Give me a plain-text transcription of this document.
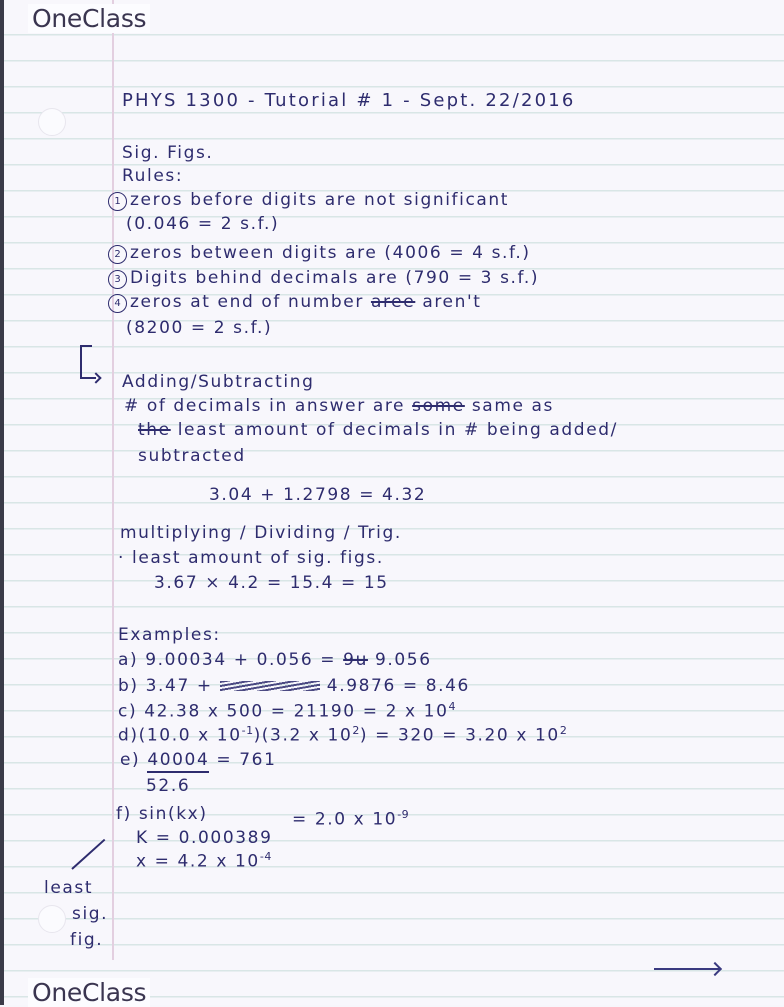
OneClass
PHYS 1300 - Tutorial # 1 - Sept. 22/2016
Sig. Figs.
Rules:
1 zeros before digits are not significant
(0.046 = 2 s.f.)
2 zeros between digits are (4006 = 4 s.f.)
3 Digits behind decimals are (790 = 3 s.f.)
4 zeros at end of number aree aren't
(8200 = 2 s.f.)
Adding/Subtracting
# of decimals in answer are some same as
the least amount of decimals in # being added/
subtracted
3.04 + 1.2798 = 4.32
multiplying / Dividing / Trig.
· least amount of sig. figs.
3.67 × 4.2 = 15.4 = 15
Examples:
a) 9.00034 + 0.056 = 9u 9.056
b) 3.47 +	4.9876 = 8.46
c) 42.38 x 500 = 21190 = 2 x $10^4$
d)(10.0 x $10^{-1})(3.2$ x $10^2) = 320 = 3.20$ x $10^2$
e) 40004 = 761
52.6
f) sin(kx)	= 2.0 x $10^{-9}$
K = 0.000389
x = 4.2 x $10^{-4}$
least
sig.
fig.
OneClass
